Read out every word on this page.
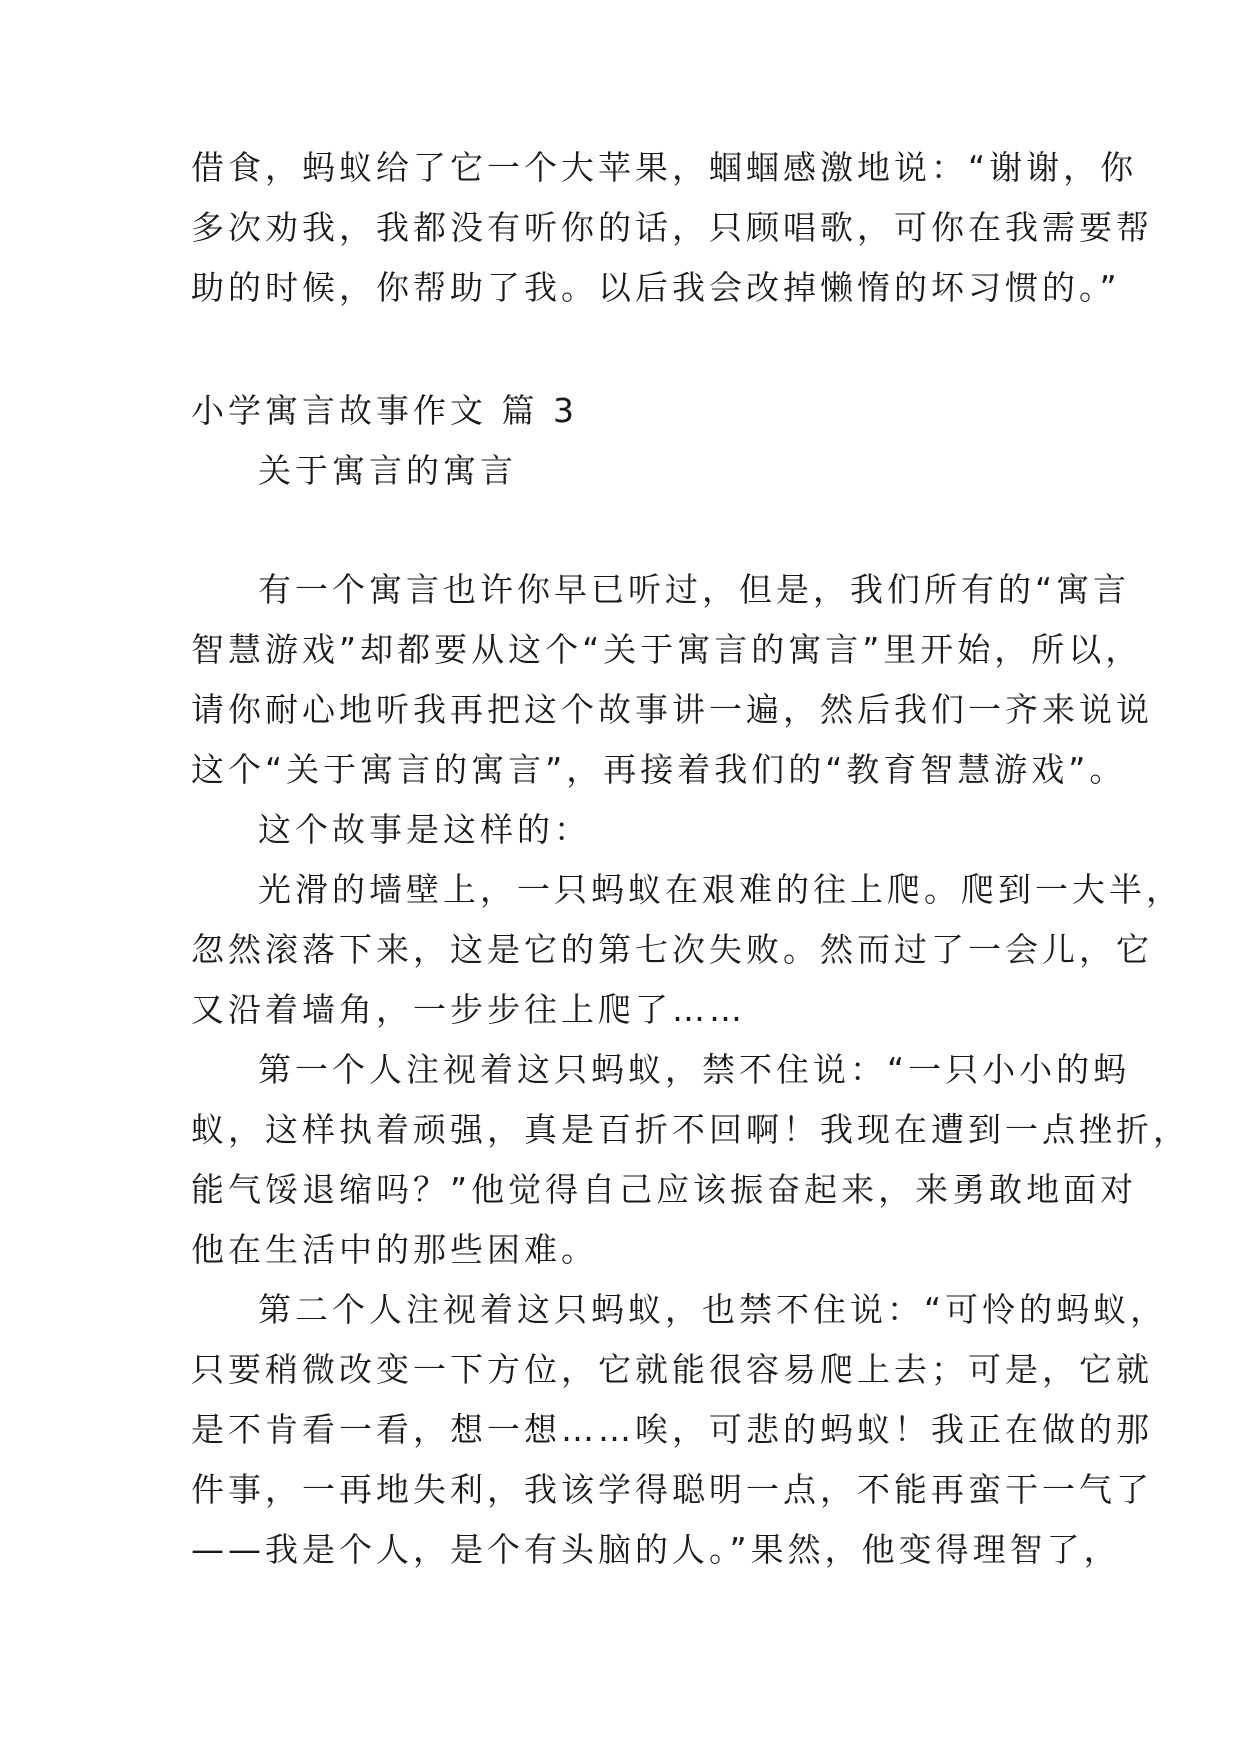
借食，蚂蚁给了它一个大苹果，蝈蝈感激地说：“谢谢，你

多次劝我，我都没有听你的话，只顾唱歌，可你在我需要帮

助的时候，你帮助了我。以后我会改掉懒惰的坏习惯的。”

小学寓言故事作文 篇 3

关于寓言的寓言

有一个寓言也许你早已听过，但是，我们所有的“寓言

智慧游戏”却都要从这个“关于寓言的寓言”里开始，所以，

请你耐心地听我再把这个故事讲一遍，然后我们一齐来说说

这个“关于寓言的寓言”，再接着我们的“教育智慧游戏”。

这个故事是这样的：

光滑的墙壁上，一只蚂蚁在艰难的往上爬。爬到一大半，

忽然滚落下来，这是它的第七次失败。然而过了一会儿，它

又沿着墙角，一步步往上爬了……

第一个人注视着这只蚂蚁，禁不住说：“一只小小的蚂

蚁，这样执着顽强，真是百折不回啊！我现在遭到一点挫折，

能气馁退缩吗？”他觉得自己应该振奋起来，来勇敢地面对

他在生活中的那些困难。

第二个人注视着这只蚂蚁，也禁不住说：“可怜的蚂蚁，

只要稍微改变一下方位，它就能很容易爬上去；可是，它就

是不肯看一看，想一想……唉，可悲的蚂蚁！我正在做的那

件事，一再地失利，我该学得聪明一点，不能再蛮干一气了

——我是个人，是个有头脑的人。”果然，他变得理智了，
